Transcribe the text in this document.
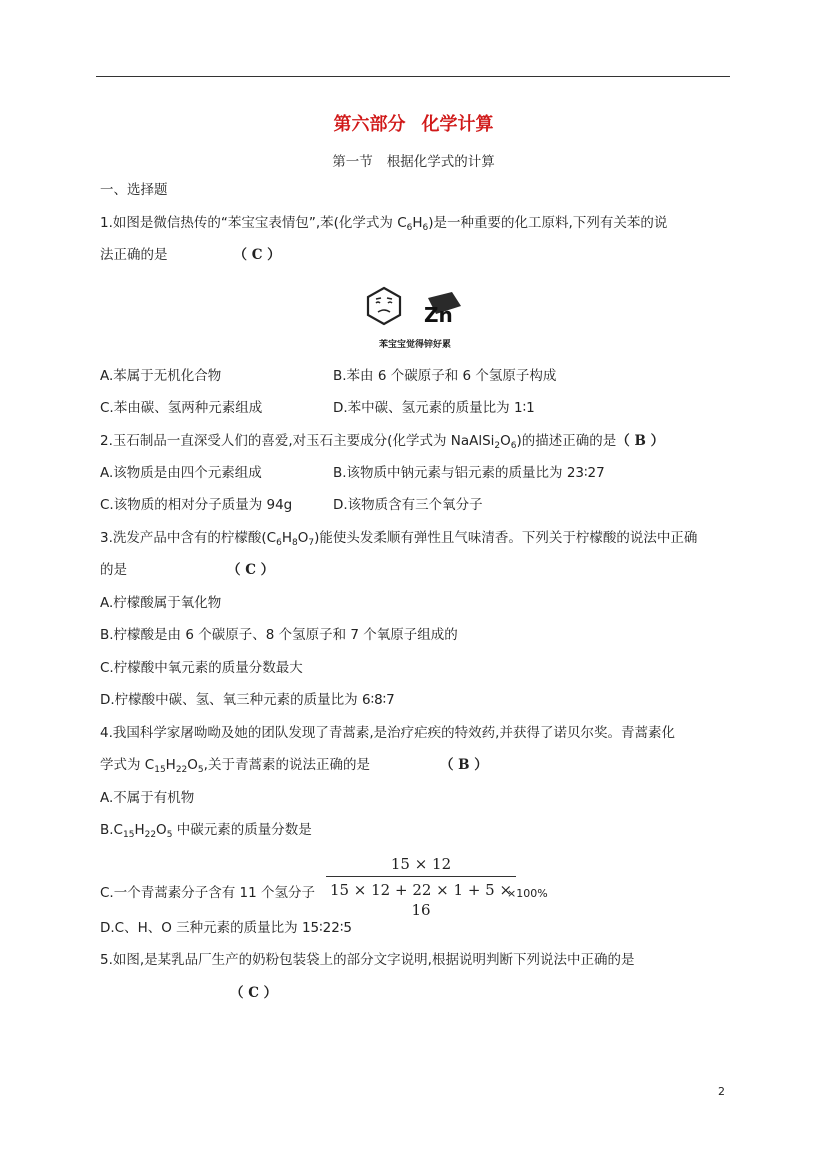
第六部分 化学计算
第一节 根据化学式的计算
一、选择题
1.如图是微信热传的“苯宝宝表情包”,苯(化学式为 $C_6H_6$)是一种重要的化工原料,下列有关苯的说
法正确的是	（ C ）
Zn
苯宝宝觉得锌好累
A.苯属于无机化合物	B.苯由 6 个碳原子和 6 个氢原子构成
C.苯由碳、氢两种元素组成	D.苯中碳、氢元素的质量比为 1∶1
2.玉石制品一直深受人们的喜爱,对玉石主要成分(化学式为 $NaAlSi_2O_6$)的描述正确的是（ B ）
A.该物质是由四个元素组成	B.该物质中钠元素与铝元素的质量比为 23∶27
C.该物质的相对分子质量为 94g	D.该物质含有三个氧分子
3.洗发产品中含有的柠檬酸$(C_6H_8O_7)$能使头发柔顺有弹性且气味清香。下列关于柠檬酸的说法中正确
的是	（ C ）
A.柠檬酸属于氧化物
B.柠檬酸是由 6 个碳原子、8 个氢原子和 7 个氧原子组成的
C.柠檬酸中氧元素的质量分数最大
D.柠檬酸中碳、氢、氧三种元素的质量比为 6∶8∶7
4.我国科学家屠呦呦及她的团队发现了青蒿素,是治疗疟疾的特效药,并获得了诺贝尔奖。青蒿素化
学式为 $C_{15}H_{22}O_5$,关于青蒿素的说法正确的是	（ B ）
A.不属于有机物
$B.C_{15}H_{22}O_5$ 中碳元素的质量分数是
15 × 12
15 × 12 + 22 × 1 + 5 × 16
C.一个青蒿素分子含有 11 个氢分子	×100%
D.C、H、O 三种元素的质量比为 15∶22∶5
5.如图,是某乳品厂生产的奶粉包装袋上的部分文字说明,根据说明判断下列说法中正确的是
（ C ）
2
